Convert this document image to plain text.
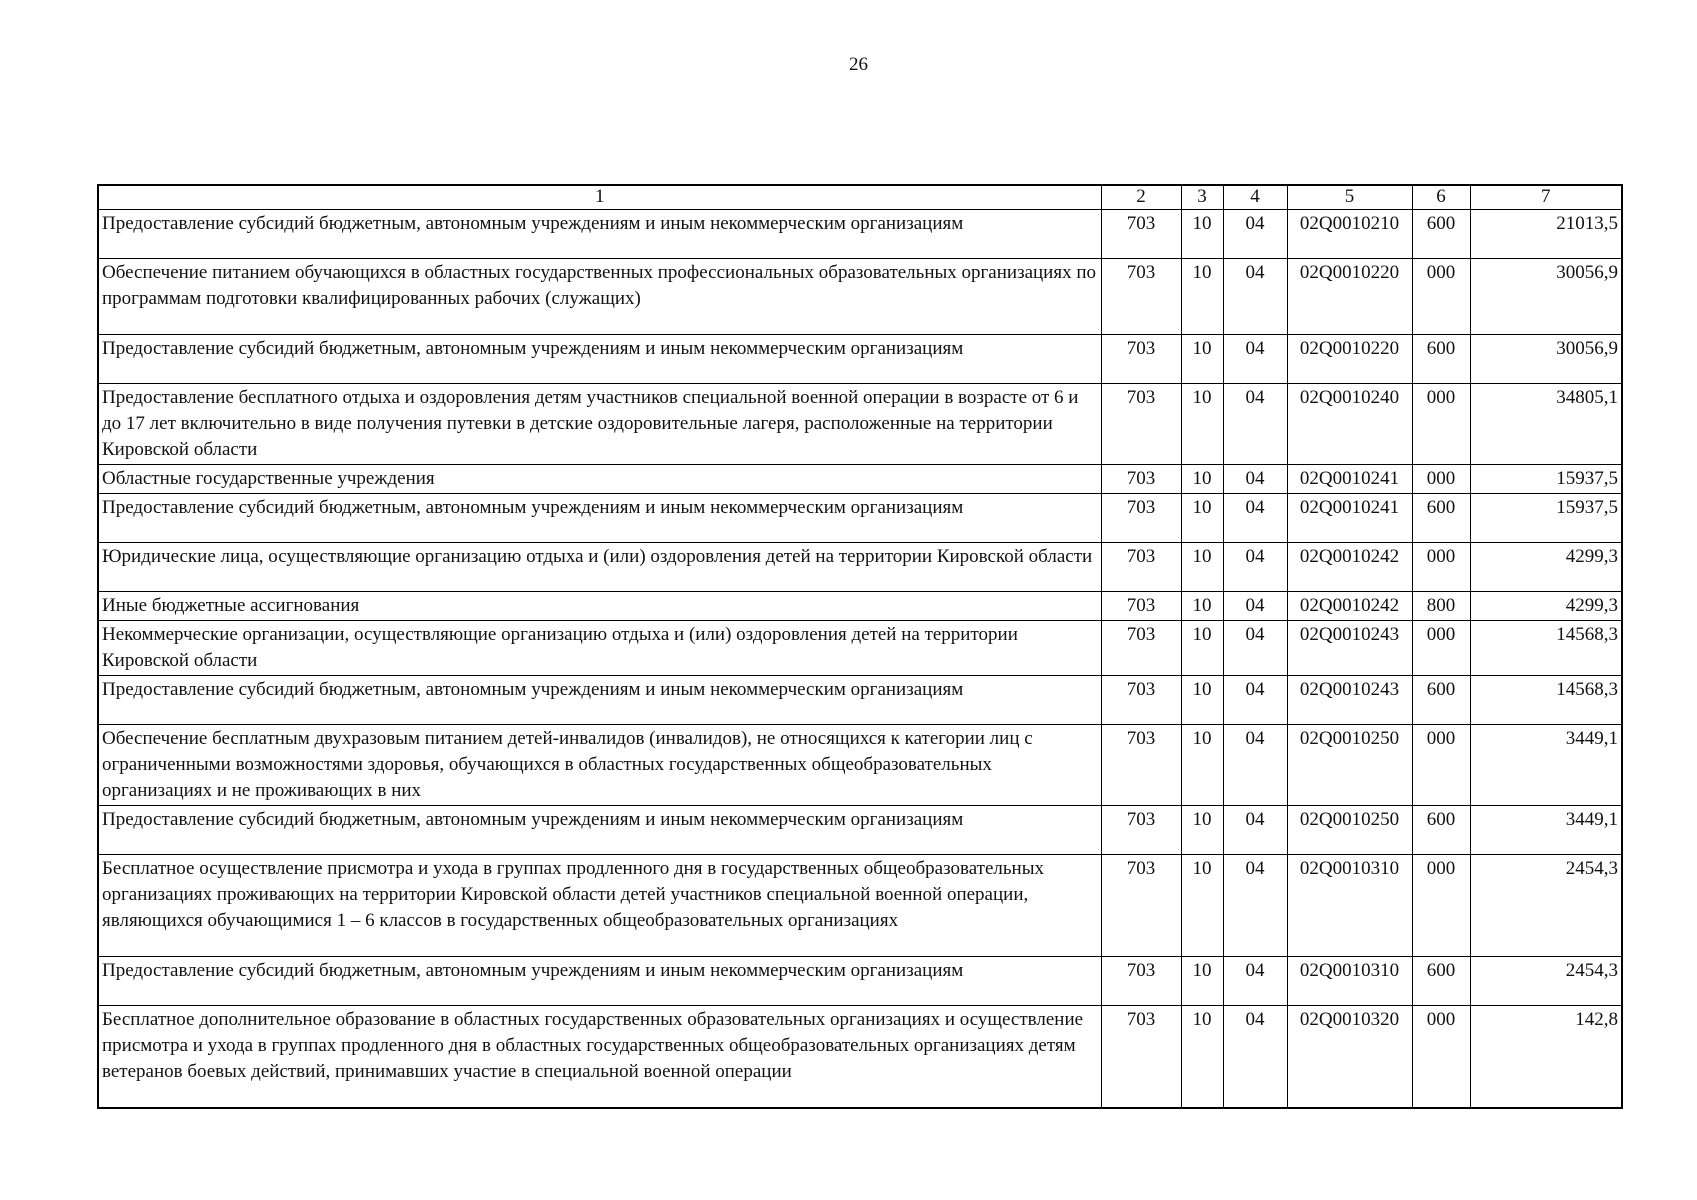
26
1	2	3	4	5	6	7
Предоставление субсидий бюджетным, автономным учреждениям и иным некоммерческим организациям	703	10	04	02Q0010210	600	21013,5
Обеспечение питанием обучающихся в областных государственных профессиональных образовательных организациях по программам подготовки квалифицированных рабочих (служащих)	703	10	04	02Q0010220	000	30056,9
Предоставление субсидий бюджетным, автономным учреждениям и иным некоммерческим организациям	703	10	04	02Q0010220	600	30056,9
Предоставление бесплатного отдыха и оздоровления детям участников специальной военной операции в возрасте от 6 и до 17 лет включительно в виде получения путевки в детские оздоровительные лагеря, расположенные на территории Кировской области	703	10	04	02Q0010240	000	34805,1
Областные государственные учреждения	703	10	04	02Q0010241	000	15937,5
Предоставление субсидий бюджетным, автономным учреждениям и иным некоммерческим организациям	703	10	04	02Q0010241	600	15937,5
Юридические лица, осуществляющие организацию отдыха и (или) оздоровления детей на территории Кировской области	703	10	04	02Q0010242	000	4299,3
Иные бюджетные ассигнования	703	10	04	02Q0010242	800	4299,3
Некоммерческие организации, осуществляющие организацию отдыха и (или) оздоровления детей на территории Кировской области	703	10	04	02Q0010243	000	14568,3
Предоставление субсидий бюджетным, автономным учреждениям и иным некоммерческим организациям	703	10	04	02Q0010243	600	14568,3
Обеспечение бесплатным двухразовым питанием детей-инвалидов (инвалидов), не относящихся к категории лиц с ограниченными возможностями здоровья, обучающихся в областных государственных общеобразовательных организациях и не проживающих в них	703	10	04	02Q0010250	000	3449,1
Предоставление субсидий бюджетным, автономным учреждениям и иным некоммерческим организациям	703	10	04	02Q0010250	600	3449,1
Бесплатное осуществление присмотра и ухода в группах продленного дня в государственных общеобразовательных организациях проживающих на территории Кировской области детей участников специальной военной операции, являющихся обучающимися 1 – 6 классов в государственных общеобразовательных организациях	703	10	04	02Q0010310	000	2454,3
Предоставление субсидий бюджетным, автономным учреждениям и иным некоммерческим организациям	703	10	04	02Q0010310	600	2454,3
Бесплатное дополнительное образование в областных государственных образовательных организациях и осуществление присмотра и ухода в группах продленного дня в областных государственных общеобразовательных организациях детям ветеранов боевых действий, принимавших участие в специальной военной операции	703	10	04	02Q0010320	000	142,8
